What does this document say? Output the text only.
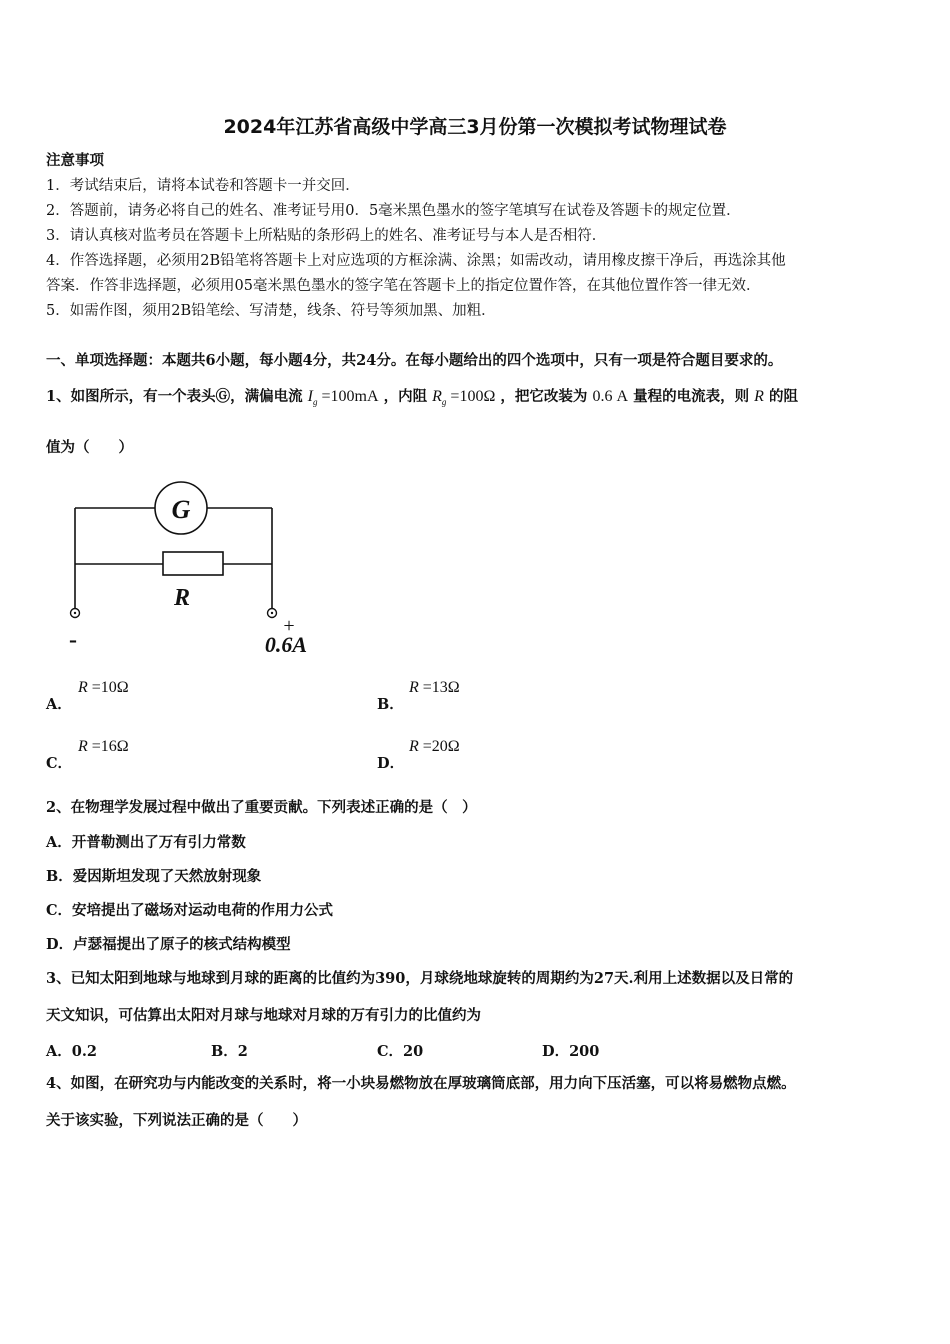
2024年江苏省高级中学高三3月份第一次模拟考试物理试卷
注意事项
1．考试结束后，请将本试卷和答题卡一并交回．
2．答题前，请务必将自己的姓名、准考证号用0．5毫米黑色墨水的签字笔填写在试卷及答题卡的规定位置．
3．请认真核对监考员在答题卡上所粘贴的条形码上的姓名、准考证号与本人是否相符．
4．作答选择题，必须用2B铅笔将答题卡上对应选项的方框涂满、涂黑；如需改动，请用橡皮擦干净后，再选涂其他
答案．作答非选择题，必须用05毫米黑色墨水的签字笔在答题卡上的指定位置作答，在其他位置作答一律无效．
5．如需作图，须用2B铅笔绘、写清楚，线条、符号等须加黑、加粗．
一、单项选择题：本题共6小题，每小题4分，共24分。在每小题给出的四个选项中，只有一项是符合题目要求的。
1、如图所示，有一个表头Ⓖ，满偏电流 $I_g =100mA$ ，内阻 $R_g =100\Omega$ ，把它改装为 0.6 A 量程的电流表，则 R 的阻
值为（　　）
G
R
-
+
0.6A
A．
R =10Ω
B．
R =13Ω
C．
R =16Ω
D．
R =20Ω
2、在物理学发展过程中做出了重要贡献。下列表述正确的是（　）
A．开普勒测出了万有引力常数
B．爱因斯坦发现了天然放射现象
C．安培提出了磁场对运动电荷的作用力公式
D．卢瑟福提出了原子的核式结构模型
3、已知太阳到地球与地球到月球的距离的比值约为390，月球绕地球旋转的周期约为27天.利用上述数据以及日常的
天文知识，可估算出太阳对月球与地球对月球的万有引力的比值约为
A．0.2	B．2	C．20	D．200
4、如图，在研究功与内能改变的关系时，将一小块易燃物放在厚玻璃筒底部，用力向下压活塞，可以将易燃物点燃。
关于该实验，下列说法正确的是（　　）
